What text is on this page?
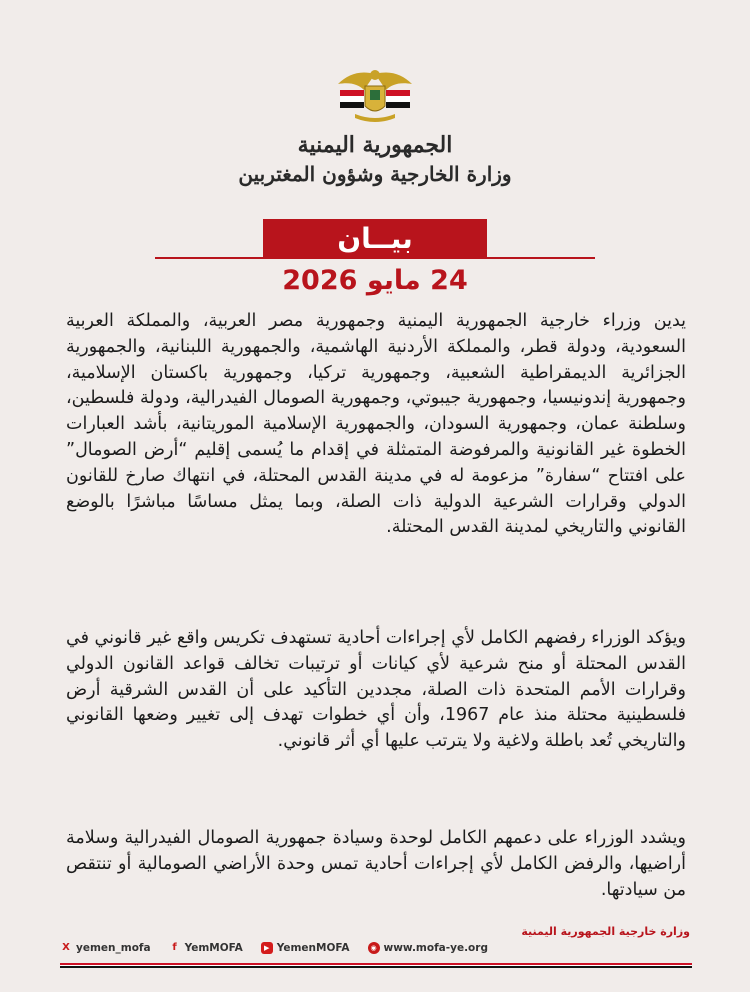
الجمهورية اليمنية
وزارة الخارجية وشؤون المغتربين
بيــان
24 مايو 2026

يدين وزراء خارجية الجمهورية اليمنية وجمهورية مصر العربية، والمملكة العربية السعودية، ودولة قطر، والمملكة الأردنية الهاشمية، والجمهورية اللبنانية، والجمهورية الجزائرية الديمقراطية الشعبية، وجمهورية تركيا، وجمهورية باكستان الإسلامية، وجمهورية إندونيسيا، وجمهورية جيبوتي، وجمهورية الصومال الفيدرالية، ودولة فلسطين، وسلطنة عمان، وجمهورية السودان، والجمهورية الإسلامية الموريتانية، بأشد العبارات الخطوة غير القانونية والمرفوضة المتمثلة في إقدام ما يُسمى إقليم “أرض الصومال” على افتتاح “سفارة” مزعومة له في مدينة القدس المحتلة، في انتهاك صارخ للقانون الدولي وقرارات الشرعية الدولية ذات الصلة، وبما يمثل مساسًا مباشرًا بالوضع القانوني والتاريخي لمدينة القدس المحتلة.

ويؤكد الوزراء رفضهم الكامل لأي إجراءات أحادية تستهدف تكريس واقع غير قانوني في القدس المحتلة أو منح شرعية لأي كيانات أو ترتيبات تخالف قواعد القانون الدولي وقرارات الأمم المتحدة ذات الصلة، مجددين التأكيد على أن القدس الشرقية أرض فلسطينية محتلة منذ عام 1967، وأن أي خطوات تهدف إلى تغيير وضعها القانوني والتاريخي تُعد باطلة ولاغية ولا يترتب عليها أي أثر قانوني.

ويشدد الوزراء على دعمهم الكامل لوحدة وسيادة جمهورية الصومال الفيدرالية وسلامة أراضيها، والرفض الكامل لأي إجراءات أحادية تمس وحدة الأراضي الصومالية أو تنتقص من سيادتها.

وزارة خارجية الجمهورية اليمنية
X yemen_mofa	f YemMOFA	▶ YemenMOFA	◉ www.mofa-ye.org
